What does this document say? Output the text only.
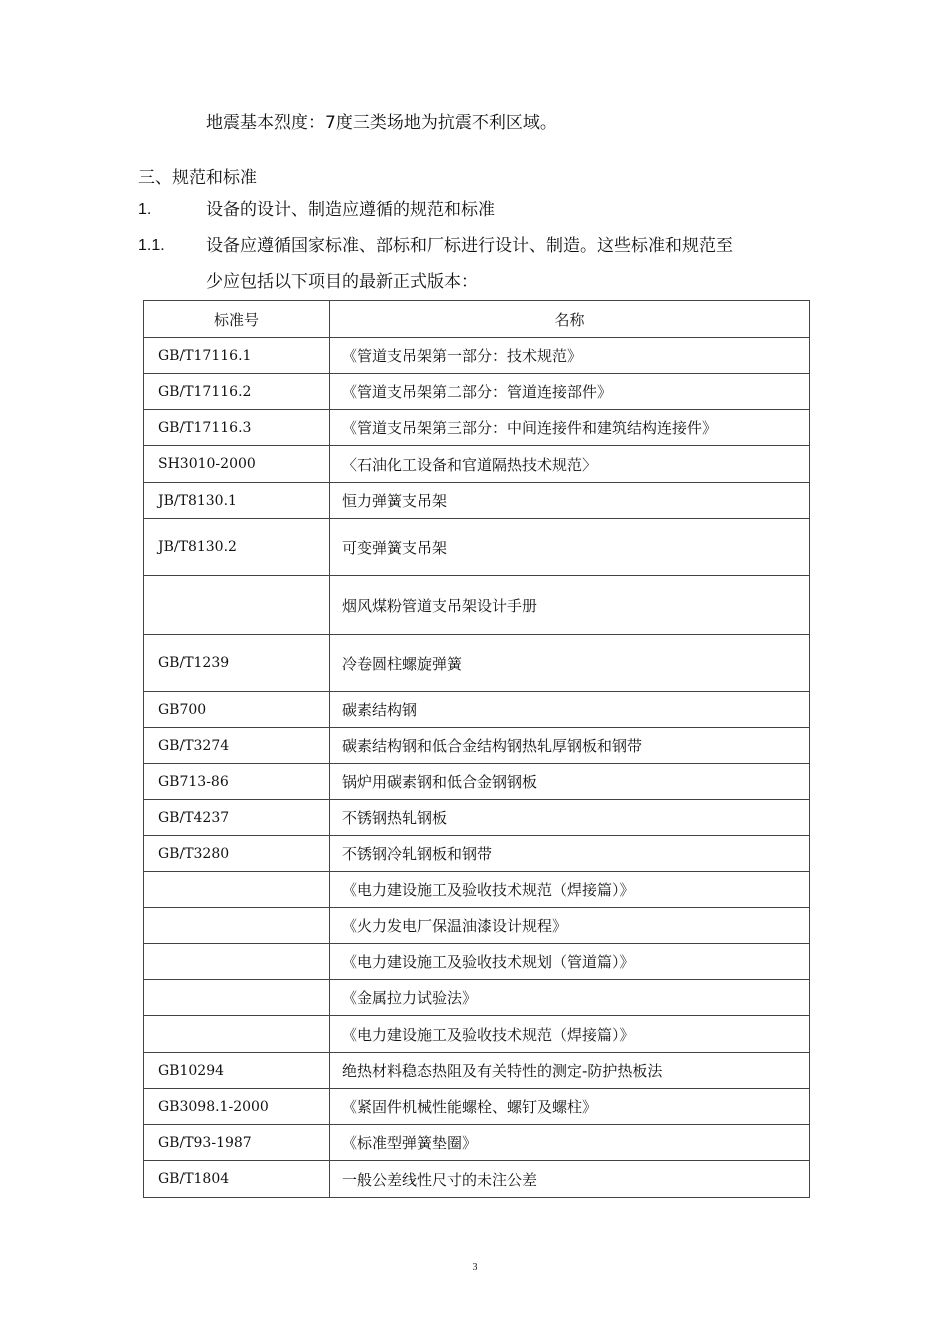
地震基本烈度：7度三类场地为抗震不利区域。
三、规范和标准
1.	设备的设计、制造应遵循的规范和标准
1.1. 设备应遵循国家标准、部标和厂标进行设计、制造。这些标准和规范至
少应包括以下项目的最新正式版本：
标准号	名称
GB/T17116.1	《管道支吊架第一部分：技术规范》
GB/T17116.2	《管道支吊架第二部分：管道连接部件》
GB/T17116.3	《管道支吊架第三部分：中间连接件和建筑结构连接件》
SH3010-2000	〈石油化工设备和官道隔热技术规范〉
JB/T8130.1	恒力弹簧支吊架
JB/T8130.2	可变弹簧支吊架
	烟风煤粉管道支吊架设计手册
GB/T1239	冷卷圆柱螺旋弹簧
GB700	碳素结构钢
GB/T3274	碳素结构钢和低合金结构钢热轧厚钢板和钢带
GB713-86	锅炉用碳素钢和低合金钢钢板
GB/T4237	不锈钢热轧钢板
GB/T3280	不锈钢冷轧钢板和钢带
	《电力建设施工及验收技术规范（焊接篇）》
	《火力发电厂保温油漆设计规程》
	《电力建设施工及验收技术规划（管道篇）》
	《金属拉力试验法》
	《电力建设施工及验收技术规范（焊接篇）》
GB10294	绝热材料稳态热阻及有关特性的测定-防护热板法
GB3098.1-2000	《紧固件机械性能螺栓、螺钉及螺柱》
GB/T93-1987	《标准型弹簧垫圈》
GB/T1804	一般公差线性尺寸的未注公差
3
